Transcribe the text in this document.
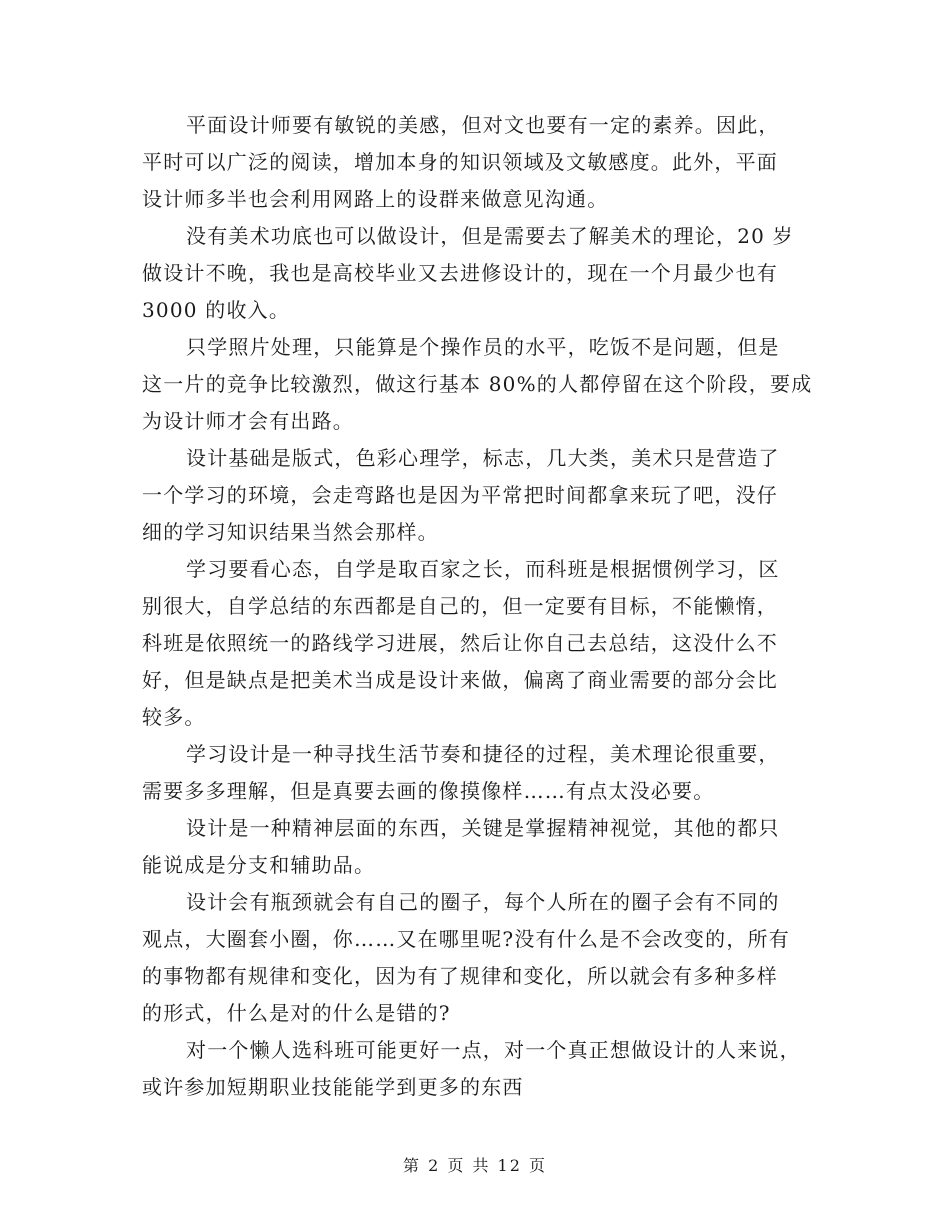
平面设计师要有敏锐的美感，但对文也要有一定的素养。因此，
平时可以广泛的阅读，增加本身的知识领域及文敏感度。此外，平面
设计师多半也会利用网路上的设群来做意见沟通。

没有美术功底也可以做设计，但是需要去了解美术的理论，20 岁
做设计不晚，我也是高校毕业又去进修设计的，现在一个月最少也有
3000 的收入。

只学照片处理，只能算是个操作员的水平，吃饭不是问题，但是
这一片的竞争比较激烈，做这行基本 80%的人都停留在这个阶段，要成
为设计师才会有出路。

设计基础是版式，色彩心理学，标志，几大类，美术只是营造了
一个学习的环境，会走弯路也是因为平常把时间都拿来玩了吧，没仔
细的学习知识结果当然会那样。

学习要看心态，自学是取百家之长，而科班是根据惯例学习，区
别很大，自学总结的东西都是自己的，但一定要有目标，不能懒惰，
科班是依照统一的路线学习进展，然后让你自己去总结，这没什么不
好，但是缺点是把美术当成是设计来做，偏离了商业需要的部分会比
较多。

学习设计是一种寻找生活节奏和捷径的过程，美术理论很重要，
需要多多理解，但是真要去画的像摸像样……有点太没必要。

设计是一种精神层面的东西，关键是掌握精神视觉，其他的都只
能说成是分支和辅助品。

设计会有瓶颈就会有自己的圈子，每个人所在的圈子会有不同的
观点，大圈套小圈，你……又在哪里呢?没有什么是不会改变的，所有
的事物都有规律和变化，因为有了规律和变化，所以就会有多种多样
的形式，什么是对的什么是错的?

对一个懒人选科班可能更好一点，对一个真正想做设计的人来说，
或许参加短期职业技能能学到更多的东西

第 2 页 共 12 页
